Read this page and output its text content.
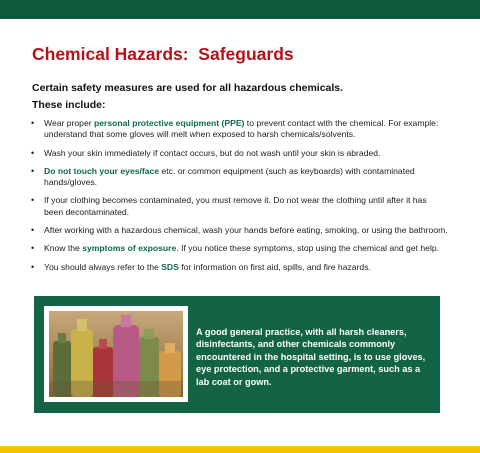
Chemical Hazards:  Safeguards
Certain safety measures are used for all hazardous chemicals.
These include:
• Wear proper personal protective equipment (PPE) to prevent contact with the chemical. For example: understand that some gloves will melt when exposed to harsh chemicals/solvents.
• Wash your skin immediately if contact occurs, but do not wash until your skin is abraded.
• Do not touch your eyes/face etc. or common equipment (such as keyboards) with contaminated hands/gloves.
• If your clothing becomes contaminated, you must remove it. Do not wear the clothing until after it has been decontaminated.
• After working with a hazardous chemical, wash your hands before eating, smoking, or using the bathroom.
• Know the symptoms of exposure. If you notice these symptoms, stop using the chemical and get help.
• You should always refer to the SDS for information on first aid, spills, and fire hazards.
A good general practice, with all harsh cleaners, disinfectants, and other chemicals commonly encountered in the hospital setting, is to use gloves, eye protection, and a protective garment, such as a lab coat or gown.
